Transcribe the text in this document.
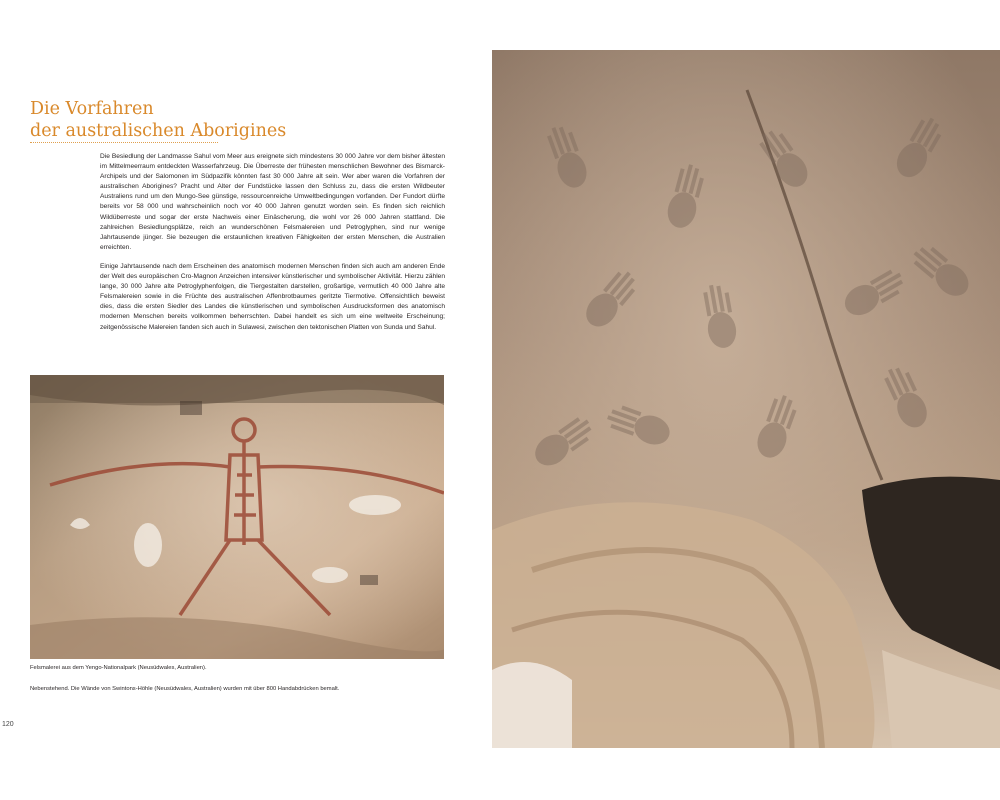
Die Vorfahren
der australischen Aborigines

Die Besiedlung der Landmasse Sahul vom Meer aus ereignete sich mindestens 30 000 Jahre vor dem bisher ältesten im Mittelmeerraum entdeckten Wasserfahrzeug. Die Überreste der frühesten menschlichen Bewohner des Bismarck-Archipels und der Salomonen im Südpazifik könnten fast 30 000 Jahre alt sein. Wer aber waren die Vorfahren der australischen Aborigines? Pracht und Alter der Fundstücke lassen den Schluss zu, dass die ersten Wildbeuter Australiens rund um den Mungo-See günstige, ressourcenreiche Umweltbedingungen vorfanden. Der Fundort dürfte bereits vor 58 000 und wahrscheinlich noch vor 40 000 Jahren genutzt worden sein. Es finden sich reichlich Wildüberreste und sogar der erste Nachweis einer Einäscherung, die wohl vor 26 000 Jahren stattfand. Die zahlreichen Besiedlungsplätze, reich an wunderschönen Felsmalereien und Petroglyphen, sind nur wenige Jahrtausende jünger. Sie bezeugen die erstaunlichen kreativen Fähigkeiten der ersten Menschen, die Australien erreichten.

Einige Jahrtausende nach dem Erscheinen des anatomisch modernen Menschen finden sich auch am anderen Ende der Welt des europäischen Cro-Magnon Anzeichen intensiver künstlerischer und symbolischer Aktivität. Hierzu zählen lange, 30 000 Jahre alte Petroglyphenfolgen, die Tiergestalten darstellen, großartige, vermutlich 40 000 Jahre alte Felsmalereien sowie in die Früchte des australischen Affenbrotbaumes geritzte Tiermotive. Offensichtlich beweist dies, dass die ersten Siedler des Landes die künstlerischen und symbolischen Ausdrucksformen des anatomisch modernen Menschen bereits vollkommen beherrschten. Dabei handelt es sich um eine weltweite Erscheinung; zeitgenössische Malereien fanden sich auch in Sulawesi, zwischen den tektonischen Platten von Sunda und Sahul.

Felsmalerei aus dem Yengo-Nationalpark (Neusüdwales, Australien).
Nebenstehend. Die Wände von Swintons-Höhle (Neusüdwales, Australien) wurden mit über 800 Handabdrücken bemalt.
120
